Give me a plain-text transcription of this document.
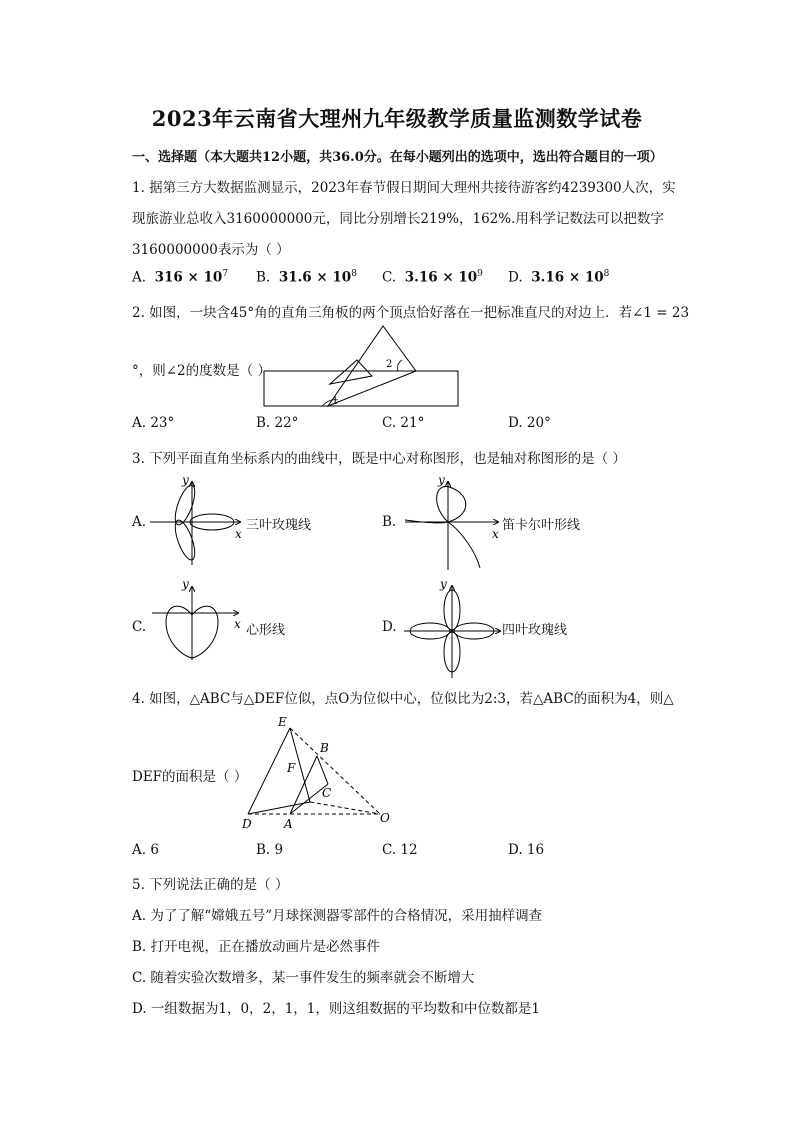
2023年云南省大理州九年级教学质量监测数学试卷
一、选择题（本大题共12小题，共36.0分。在每小题列出的选项中，选出符合题目的一项）
1. 据第三方大数据监测显示，2023年春节假日期间大理州共接待游客约4239300人次，实
现旅游业总收入3160000000元，同比分别增长219%，162%.用科学记数法可以把数字
3160000000表示为（ ）
A. $316 \times 10^7$ B. $31.6 \times 10^8$ C. $3.16 \times 10^9$ D. $3.16 \times 10^8$
2. 如图，一块含45°角的直角三角板的两个顶点恰好落在一把标准直尺的对边上．若∠1 = 23
°，则∠2的度数是（ ）	2
1
A. 23°	B. 22°	C. 21°	D. 20°
3. 下列平面直角坐标系内的曲线中，既是中心对称图形，也是轴对称图形的是（ ）
A.	三叶玫瑰线	B.	笛卡尔叶形线
C.	心形线	D.	四叶玫瑰线
y
x
y
x
y
x
y
4. 如图，△ABC与△DEF位似，点O为位似中心，位似比为2:3，若△ABC的面积为4，则△
DEF的面积是（ ）
E
B
F
C
D	A	O
A. 6	B. 9	C. 12	D. 16
5. 下列说法正确的是（ ）
A. 为了了解“嫦娥五号”月球探测器零部件的合格情况，采用抽样调查
B. 打开电视，正在播放动画片是必然事件
C. 随着实验次数增多，某一事件发生的频率就会不断增大
D. 一组数据为1，0，2，1，1，则这组数据的平均数和中位数都是1
